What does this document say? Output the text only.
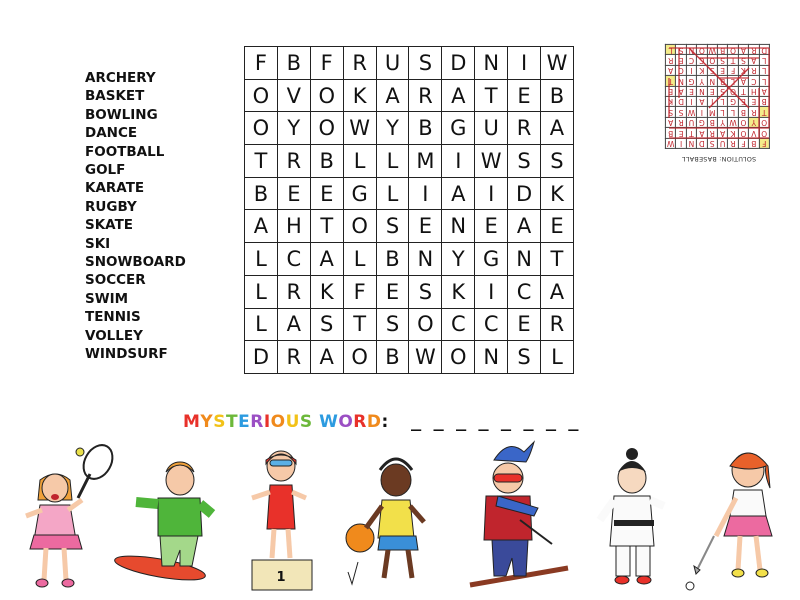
ARCHERY
BASKET
BOWLING
DANCE
FOOTBALL
GOLF
KARATE
RUGBY
SKATE
SKI
SNOWBOARD
SOCCER
SWIM
TENNIS
VOLLEY
WINDSURF
F	B	F	R	U	S	D	N	I	W
O	V	O	K	A	R	A	T	E	B
O	Y	O	W	Y	B	G	U	R	A
T	R	B	L	L	M	I	W	S	S
B	E	E	G	L	I	A	I	D	K
A	H	T	O	S	E	N	E	A	E
L	C	A	L	B	N	Y	G	N	T
L	R	K	F	E	S	K	I	C	A
L	A	S	T	S	O	C	C	E	R
D	R	A	O	B	W	O	N	S	L
F	B	F	R	U	S	D	N	I	W
O	V	O	K	A	R	A	T	E	B
O	Y	O	W	Y	B	G	U	R	A
T	R	B	L	L	M	I	W	S	S
B	E	E	G	L	I	A	I	D	K
A	H	T	O	S	E	N	E	A	E
L	C	A	L	B	N	Y	G	N	T
L	R	K	F	E	S	K	I	C	A
L	A	S	T	S	O	C	C	E	R
D	R	A	O	B	W	O	N	S	L
SOLUTION: BASEBALL
MYSTERIOUS WORD: _ _ _ _ _ _ _ _
1
